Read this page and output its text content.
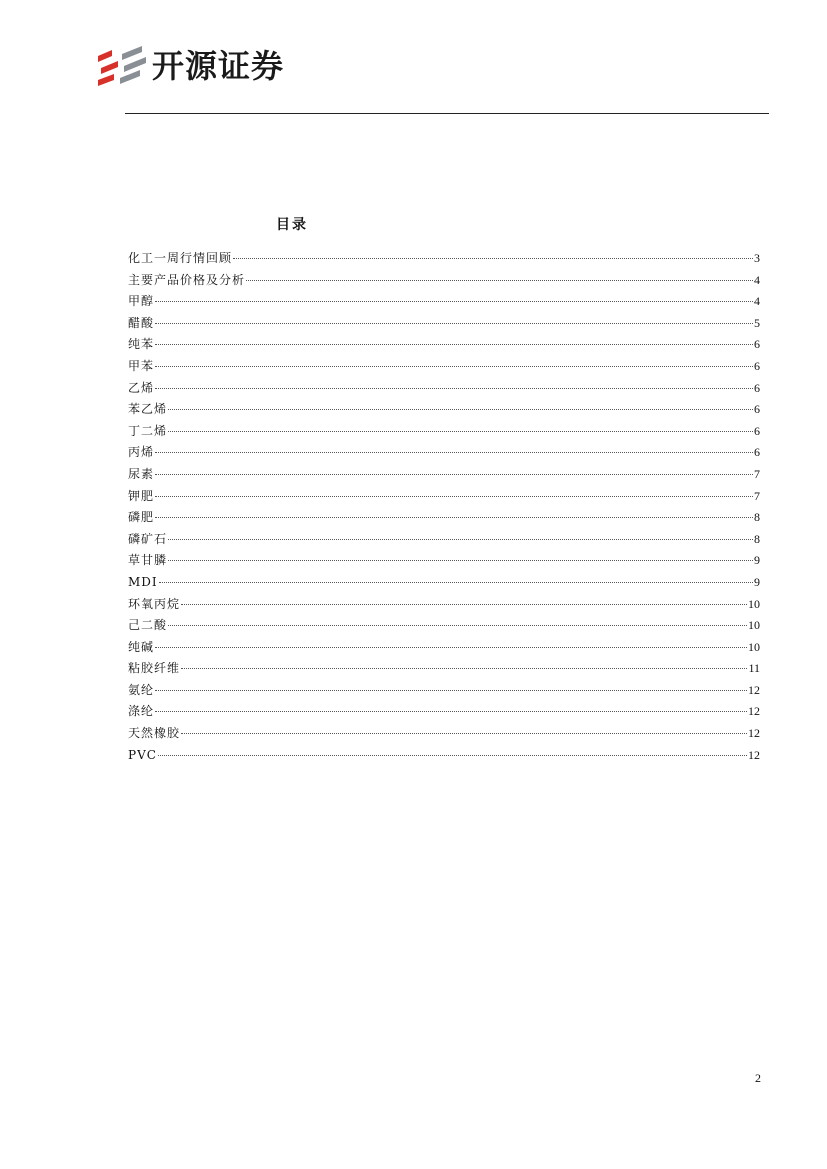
开源证券
目录
化工一周行情回顾	3
主要产品价格及分析	4
甲醇	4
醋酸	5
纯苯	6
甲苯	6
乙烯	6
苯乙烯	6
丁二烯	6
丙烯	6
尿素	7
钾肥	7
磷肥	8
磷矿石	8
草甘膦	9
MDI	9
环氧丙烷	10
己二酸	10
纯碱	10
粘胶纤维	11
氨纶	12
涤纶	12
天然橡胶	12
PVC	12
2
